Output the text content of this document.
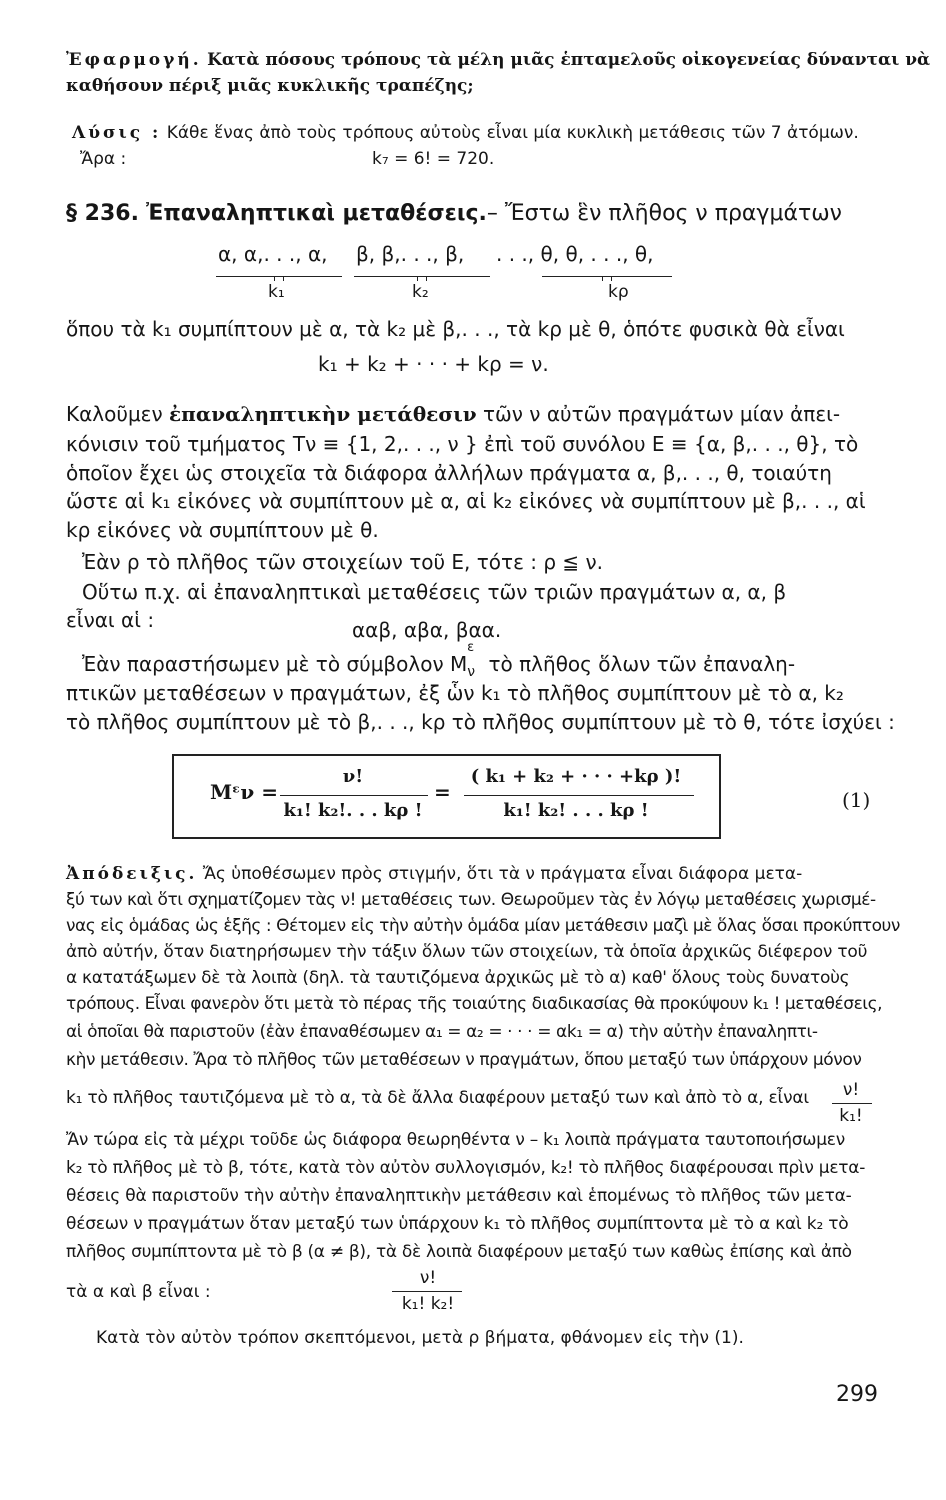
Ἐφαρμογή. Κατὰ πόσους τρόπους τὰ μέλη μιᾶς ἑπταμελοῦς οἰκογενείας δύνανται νὰ
καθήσουν πέριξ μιᾶς κυκλικῆς τραπέζης;
Λύσις : Κάθε ἕνας ἀπὸ τοὺς τρόπους αὐτοὺς εἶναι μία κυκλικὴ μετάθεσις τῶν 7 ἀτόμων.
Ἄρα :	k₇ = 6! = 720.
§ 236. Ἐπαναληπτικαὶ μεταθέσεις.– Ἔστω ἓν πλῆθος ν πραγμάτων
α, α,. . ., α,
k₁
β, β,. . ., β,
k₂
. . ., θ, θ, . . ., θ,
kρ
ὅπου τὰ k₁ συμπίπτουν μὲ α, τὰ k₂ μὲ β,. . ., τὰ kρ μὲ θ, ὁπότε φυσικὰ θὰ εἶναι
k₁ + k₂ + · · · + kρ = ν.
Καλοῦμεν ἐπαναληπτικὴν μετάθεσιν τῶν ν αὐτῶν πραγμάτων μίαν ἀπει-
κόνισιν τοῦ τμήματος Tν ≡ {1, 2,. . ., ν } ἐπὶ τοῦ συνόλου E ≡ {α, β,. . ., θ}, τὸ
ὁποῖον ἔχει ὡς στοιχεῖα τὰ διάφορα ἀλλήλων πράγματα α, β,. . ., θ, τοιαύτη
ὥστε αἱ k₁ εἰκόνες νὰ συμπίπτουν μὲ α, αἱ k₂ εἰκόνες νὰ συμπίπτουν μὲ β,. . ., αἱ
kρ εἰκόνες νὰ συμπίπτουν μὲ θ.
Ἐὰν ρ τὸ πλῆθος τῶν στοιχείων τοῦ E, τότε : ρ ≦ ν.
Οὕτω π.χ. αἱ ἐπαναληπτικαὶ μεταθέσεις τῶν τριῶν πραγμάτων α, α, β
εἶναι αἱ :	ααβ, αβα, βαα.
Ἐὰν παραστήσωμεν μὲ τὸ σύμβολον $M_\nu^\varepsilon$ τὸ πλῆθος ὅλων τῶν ἐπαναλη-
πτικῶν μεταθέσεων ν πραγμάτων, ἐξ ὧν k₁ τὸ πλῆθος συμπίπτουν μὲ τὸ α, k₂
τὸ πλῆθος συμπίπτουν μὲ τὸ β,. . ., kρ τὸ πλῆθος συμπίπτουν μὲ τὸ θ, τότε ἰσχύει :
Mᵋν =
ν!
k₁! k₂!. . . kρ !
=
( k₁ + k₂ + · · · +kρ )!
k₁! k₂! . . . kρ !	(1)
Ἀπόδειξις. Ἄς ὑποθέσωμεν πρὸς στιγμήν, ὅτι τὰ ν πράγματα εἶναι διάφορα μετα-
ξύ των καὶ ὅτι σχηματίζομεν τὰς ν! μεταθέσεις των. Θεωροῦμεν τὰς ἐν λόγῳ μεταθέσεις χωρισμέ-
νας εἰς ὁμάδας ὡς ἑξῆς : Θέτομεν εἰς τὴν αὐτὴν ὁμάδα μίαν μετάθεσιν μαζὶ μὲ ὅλας ὅσαι προκύπτουν
ἀπὸ αὐτήν, ὅταν διατηρήσωμεν τὴν τάξιν ὅλων τῶν στοιχείων, τὰ ὁποῖα ἀρχικῶς διέφερον τοῦ
α κατατάξωμεν δὲ τὰ λοιπὰ (δηλ. τὰ ταυτιζόμενα ἀρχικῶς μὲ τὸ α) καθ' ὅλους τοὺς δυνατοὺς
τρόπους. Εἶναι φανερὸν ὅτι μετὰ τὸ πέρας τῆς τοιαύτης διαδικασίας θὰ προκύψουν k₁ ! μεταθέσεις,
αἱ ὁποῖαι θὰ παριστοῦν (ἐὰν ἐπαναθέσωμεν α₁ = α₂ = · · · = αk₁ = α) τὴν αὐτὴν ἐπαναληπτι-
κὴν μετάθεσιν. Ἄρα τὸ πλῆθος τῶν μεταθέσεων ν πραγμάτων, ὅπου μεταξύ των ὑπάρχουν μόνον
k₁ τὸ πλῆθος ταυτιζόμενα μὲ τὸ α, τὰ δὲ ἄλλα διαφέρουν μεταξύ των καὶ ἀπὸ τὸ α, εἶναι	ν!
k₁!
Ἄν τώρα εἰς τὰ μέχρι τοῦδε ὡς διάφορα θεωρηθέντα ν – k₁ λοιπὰ πράγματα ταυτοποιήσωμεν
k₂ τὸ πλῆθος μὲ τὸ β, τότε, κατὰ τὸν αὐτὸν συλλογισμόν, k₂! τὸ πλῆθος διαφέρουσαι πρὶν μετα-
θέσεις θὰ παριστοῦν τὴν αὐτὴν ἐπαναληπτικὴν μετάθεσιν καὶ ἑπομένως τὸ πλῆθος τῶν μετα-
θέσεων ν πραγμάτων ὅταν μεταξύ των ὑπάρχουν k₁ τὸ πλῆθος συμπίπτοντα μὲ τὸ α καὶ k₂ τὸ
πλῆθος συμπίπτοντα μὲ τὸ β (α ≠ β), τὰ δὲ λοιπὰ διαφέρουν μεταξύ των καθὼς ἐπίσης καὶ ἀπὸ
τὰ α καὶ β εἶναι :
ν!
k₁! k₂!
Κατὰ τὸν αὐτὸν τρόπον σκεπτόμενοι, μετὰ ρ βήματα, φθάνομεν εἰς τὴν (1).
299
